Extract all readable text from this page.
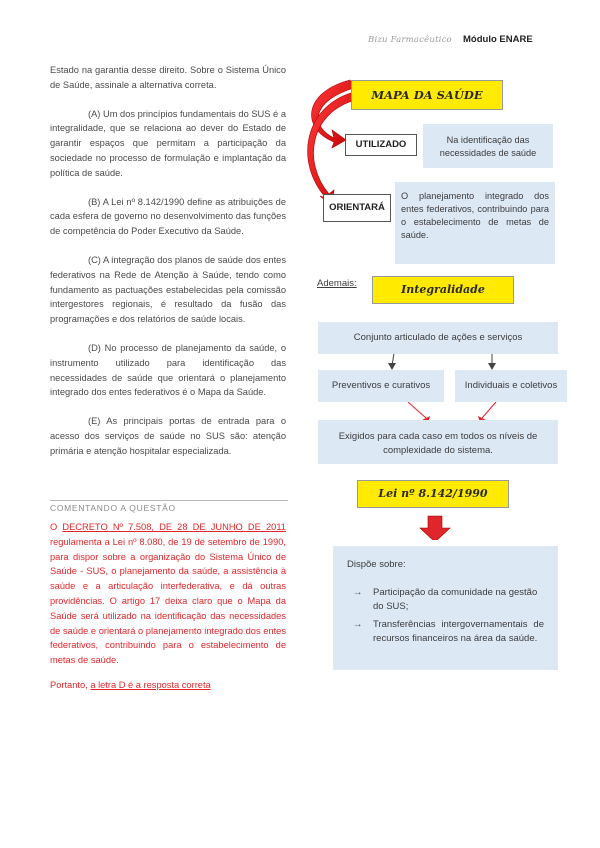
Bizu Farmacêutico Módulo ENARE

Estado na garantia desse direito. Sobre o Sistema Único de Saúde, assinale a alternativa correta.

(A) Um dos princípios fundamentais do SUS é a integralidade, que se relaciona ao dever do Estado de garantir espaços que permitam a participação da sociedade no processo de formulação e implantação da política de saúde.

(B) A Lei nº 8.142/1990 define as atribuições de cada esfera de governo no desenvolvimento das funções de competência do Poder Executivo da Saúde.

(C) A integração dos planos de saúde dos entes federativos na Rede de Atenção à Saúde, tendo como fundamento as pactuações estabelecidas pela comissão intergestores regionais, é resultado da fusão das programações e dos relatórios de saúde locais.

(D) No processo de planejamento da saúde, o instrumento utilizado para identificação das necessidades de saúde que orientará o planejamento integrado dos entes federativos é o Mapa da Saúde.

(E) As principais portas de entrada para o acesso dos serviços de saúde no SUS são: atenção primária e atenção hospitalar especializada.

COMENTANDO A QUESTÃO

O DECRETO Nº 7.508, DE 28 DE JUNHO DE 2011 regulamenta a Lei nº 8.080, de 19 de setembro de 1990, para dispor sobre a organização do Sistema Único de Saúde - SUS, o planejamento da saúde, a assistência à saúde e a articulação interfederativa, e dá outras providências. O artigo 17 deixa claro que o Mapa da Saúde será utilizado na identificação das necessidades de saúde e orientará o planejamento integrado dos entes federativos, contribuindo para o estabelecimento de metas de saúde.

Portanto, a letra D é a resposta correta

MAPA DA SAÚDE
UTILIZADO	Na identificação das necessidades de saúde
ORIENTARÁ
O planejamento integrado dos entes federativos, contribuindo para o estabelecimento de metas de saúde.
Ademais:	Integralidade
Conjunto articulado de ações e serviços
Preventivos e curativos	Individuais e coletivos
Exigidos para cada caso em todos os níveis de complexidade do sistema.
Lei nº 8.142/1990
Dispõe sobre:
→	Participação da comunidade na gestão do SUS;
→	Transferências intergovernamentais de recursos financeiros na área da saúde.
